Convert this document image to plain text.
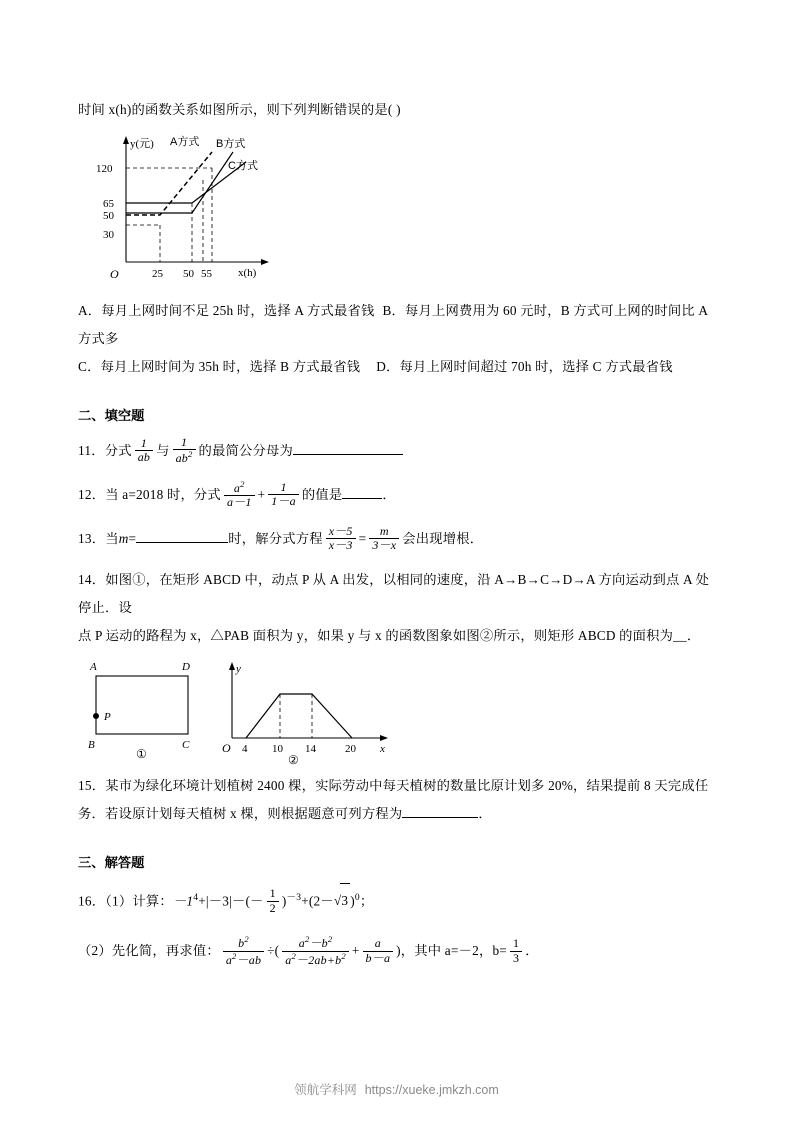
时间 x(h)的函数关系如图所示，则下列判断错误的是( )
y(元) A方式 B方式
C方式
120
65
50
30
O	25 50 55 x(h)
A．每月上网时间不足 25h 时，选择 A 方式最省钱 B．每月上网费用为 60 元时，B 方式可上网的时间比 A 方式多
C．每月上网时间为 35h 时，选择 B 方式最省钱 D．每月上网时间超过 70h 时，选择 C 方式最省钱
二、填空题
11．分式 $\frac{1}{ab}$ 与 $\frac{1}{ab^2}$ 的最简公分母为
12．当 a=2018 时，分式 $\frac{a^2}{a-1} + \frac{1}{1-a}$ 的值是	．
13．当m=	时，解分式方程 $\frac{x-5}{x-3} = \frac{m}{3-x}$ 会出现增根．
14．如图①，在矩形 ABCD 中，动点 P 从 A 出发，以相同的速度，沿 A→B→C→D→A 方向运动到点 A 处停止．设
点 P 运动的路程为 x，△PAB 面积为 y，如果 y 与 x 的函数图象如图②所示，则矩形 ABCD 的面积为__．
A	D
B	C
P
①
y
O	x
4 10 14	20
②
15．某市为绿化环境计划植树 2400 棵，实际劳动中每天植树的数量比原计划多 20%，结果提前 8 天完成任
务．若设原计划每天植树 x 棵，则根据题意可列方程为	．
三、解答题
16．（1）计算：$-1^4+|-3|-(- \frac{1}{2} )^{-3}+(2-√3$ )$^0$；
（2）先化简，再求值： $\frac{b^2}{a^2-ab}$ ÷( $\frac{a^2-b^2}{a^2-2ab+b^2} + \frac{a}{b-a}$ )，其中 a=－2，$b= \frac{1}{3}$ ．
领航学科网 https://xueke.jmkzh.com
